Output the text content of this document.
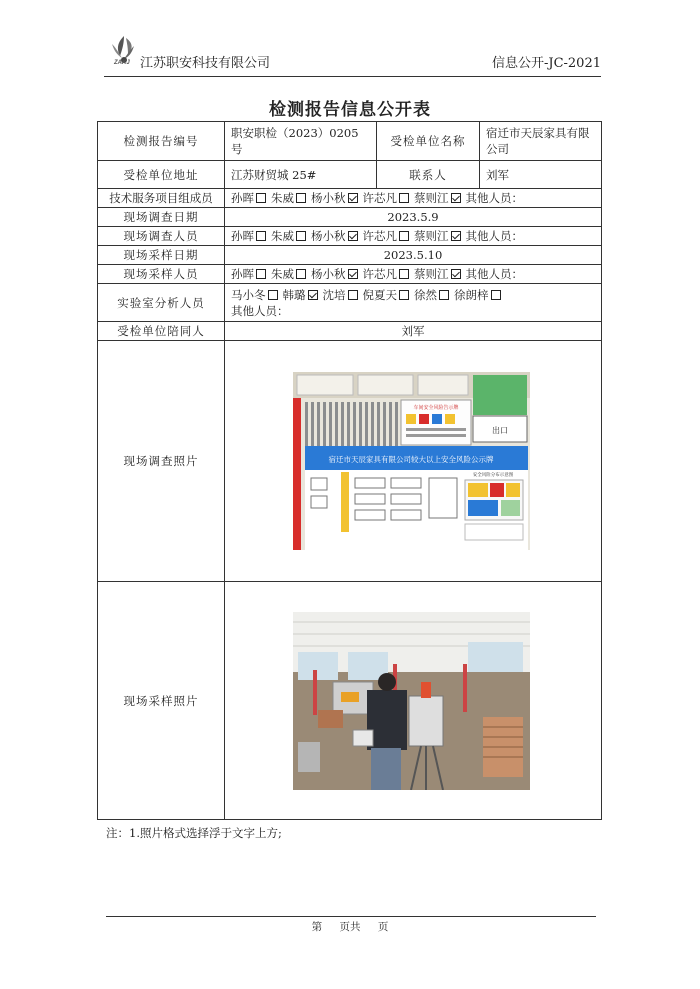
ZAKJ 江苏职安科技有限公司	信息公开-JC-2021
检测报告信息公开表
检测报告编号	职安职检（2023）0205 号	受检单位名称	宿迁市天辰家具有限公司
受检单位地址	江苏财贸城 25#	联系人	刘军
技术服务项目组成员	孙晖 朱威 杨小秋 许芯凡 蔡则江 其他人员：		
现场调查日期	2023.5.9		
现场调查人员	孙晖 朱威 杨小秋 许芯凡 蔡则江 其他人员：		
现场采样日期	2023.5.10		
现场采样人员	孙晖 朱威 杨小秋 许芯凡 蔡则江 其他人员：		
实验室分析人员	马小冬 韩璐 沈培 倪夏天 徐然 徐朗梓
其他人员：		

受检单位陪同人	刘军		
现场调查照片	出口
车间安全风险告示牌
宿迁市天辰家具有限公司较大以上安全风险公示牌
安全风险分布示意图		

现场采样照片	
注：1.照片格式选择浮于文字上方;
第 页共 页
